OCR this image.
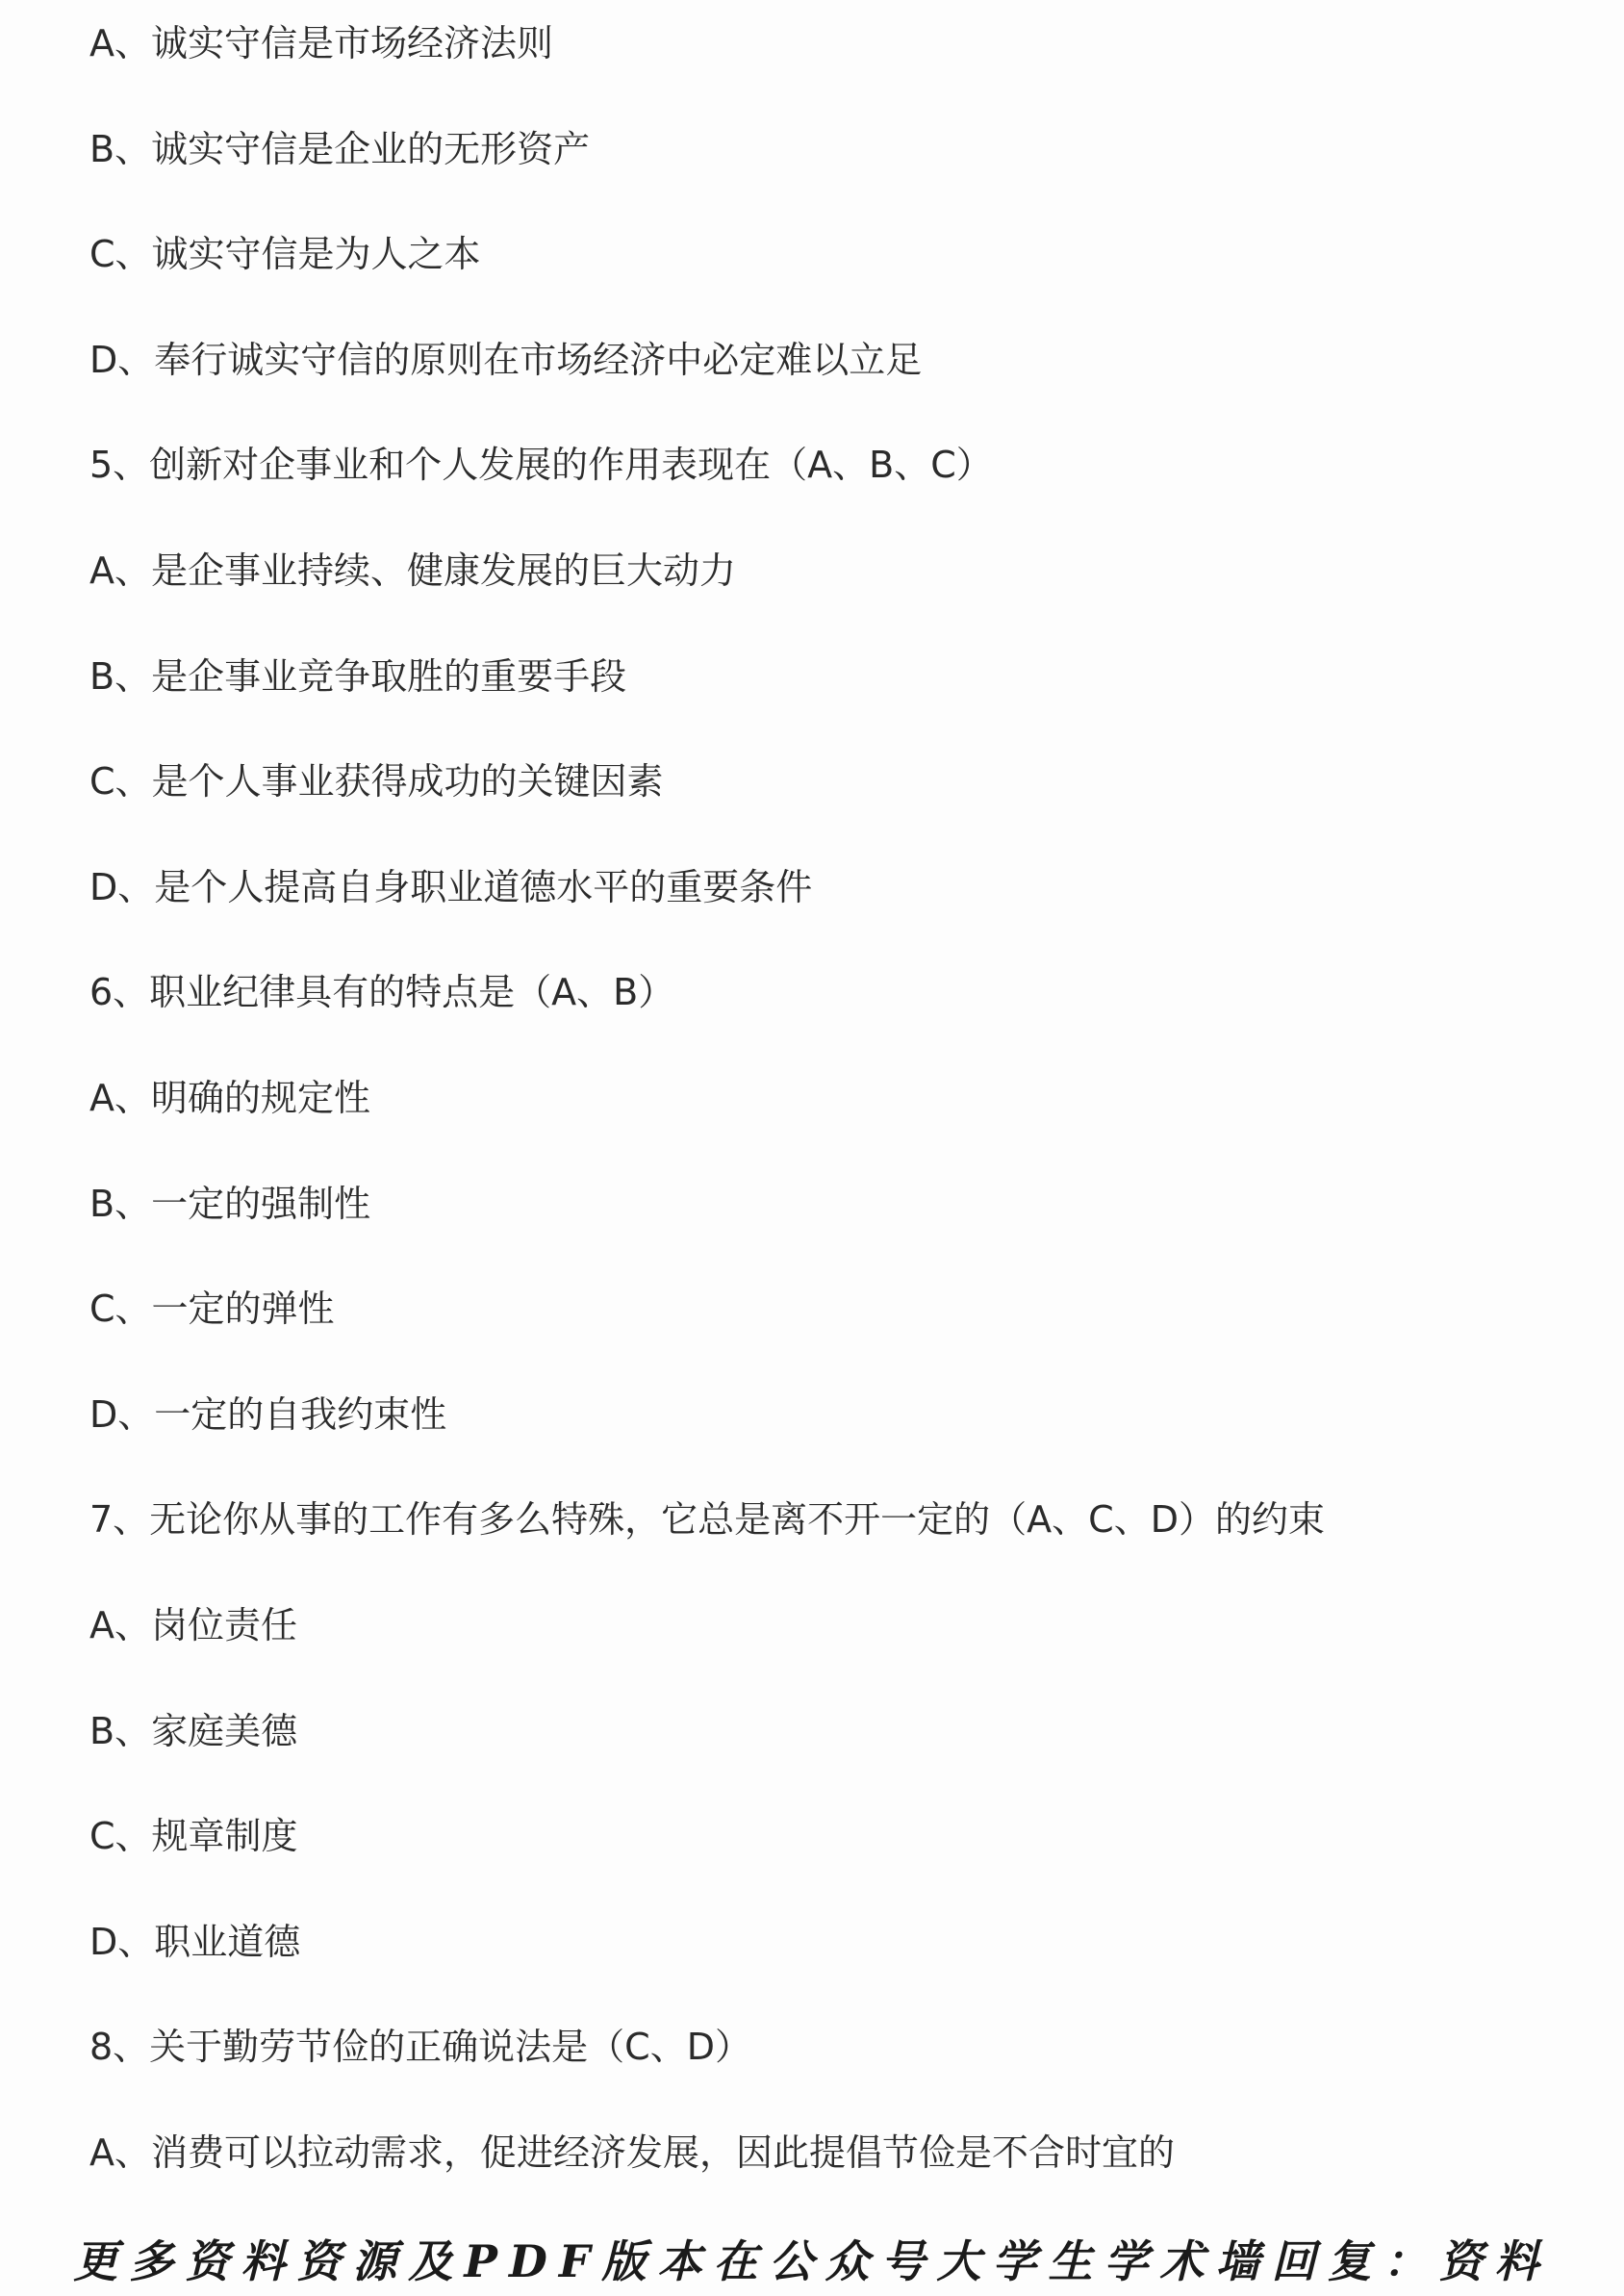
A、诚实守信是市场经济法则
B、诚实守信是企业的无形资产
C、诚实守信是为人之本
D、奉行诚实守信的原则在市场经济中必定难以立足
5、创新对企事业和个人发展的作用表现在（A、B、C）
A、是企事业持续、健康发展的巨大动力
B、是企事业竞争取胜的重要手段
C、是个人事业获得成功的关键因素
D、是个人提高自身职业道德水平的重要条件
6、职业纪律具有的特点是（A、B）
A、明确的规定性
B、一定的强制性
C、一定的弹性
D、一定的自我约束性
7、无论你从事的工作有多么特殊，它总是离不开一定的（A、C、D）的约束
A、岗位责任
B、家庭美德
C、规章制度
D、职业道德
8、关于勤劳节俭的正确说法是（C、D）
A、消费可以拉动需求，促进经济发展，因此提倡节俭是不合时宜的
更多资料资源及PDF版本在公众号大学生学术墙回复：资料
